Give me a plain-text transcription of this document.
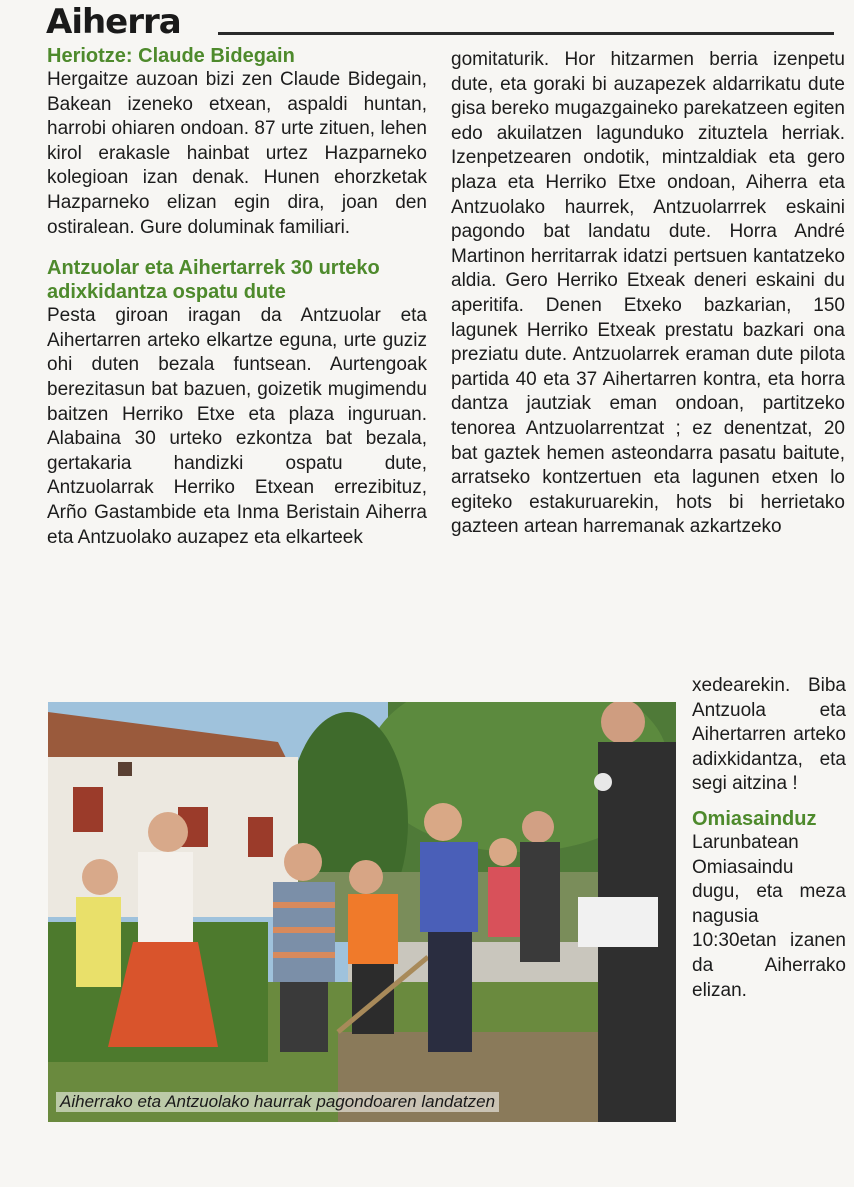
Aiherra
Heriotze: Claude Bidegain

Hergaitze auzoan bizi zen Claude Bidegain, Bakean izeneko etxean, aspaldi huntan, harrobi ohiaren ondoan. 87 urte zituen, lehen kirol erakasle hainbat urtez Hazparneko kolegioan izan denak. Hunen ehorzketak Hazparneko elizan egin dira, joan den ostiralean. Gure doluminak familiari.

Antzuolar eta Aihertarrek 30 urteko adixkidantza ospatu dute

Pesta giroan iragan da Antzuolar eta Aihertarren arteko elkartze eguna, urte guziz ohi duten bezala funtsean. Aurtengoak berezitasun bat bazuen, goizetik mugimendu baitzen Herriko Etxe eta plaza inguruan. Alabaina 30 urteko ezkontza bat bezala, gertakaria handizki ospatu dute, Antzuolarrak Herriko Etxean errezibituz, Arño Gastambide eta Inma Beristain Aiherra eta Antzuolako auzapez eta elkarteek

gomitaturik. Hor hitzarmen berria izenpetu dute, eta goraki bi auzapezek aldarrikatu dute gisa bereko mugazgaineko parekatzeen egiten edo akuilatzen lagunduko zituztela herriak. Izenpetzearen ondotik, mintzaldiak eta gero plaza eta Herriko Etxe ondoan, Aiherra eta Antzuolako haurrek, Antzuolarrrek eskaini pagondo bat landatu dute. Horra André Martinon herritarrak idatzi pertsuen kantatzeko aldia. Gero Herriko Etxeak deneri eskaini du aperitifa. Denen Etxeko bazkarian, 150 lagunek Herriko Etxeak prestatu bazkari ona preziatu dute. Antzuolarrek eraman dute pilota partida 40 eta 37 Aihertarren kontra, eta horra dantza jautziak eman ondoan, partitzeko tenorea Antzuolarrentzat ; ez denentzat, 20 bat gaztek hemen asteondarra pasatu baitute, arratseko kontzertuen eta lagunen etxen lo egiteko estakuruarekin, hots bi herrietako gazteen artean harremanak azkartzeko

xedearekin. Biba Antzuola eta Aihertarren arteko adixkidantza, eta segi aitzina !

Omiasainduz

Larunbatean Omiasaindu dugu, eta meza nagusia 10:30etan izanen da Aiherrako elizan.

Aiherrako eta Antzuolako haurrak pagondoaren landatzen
